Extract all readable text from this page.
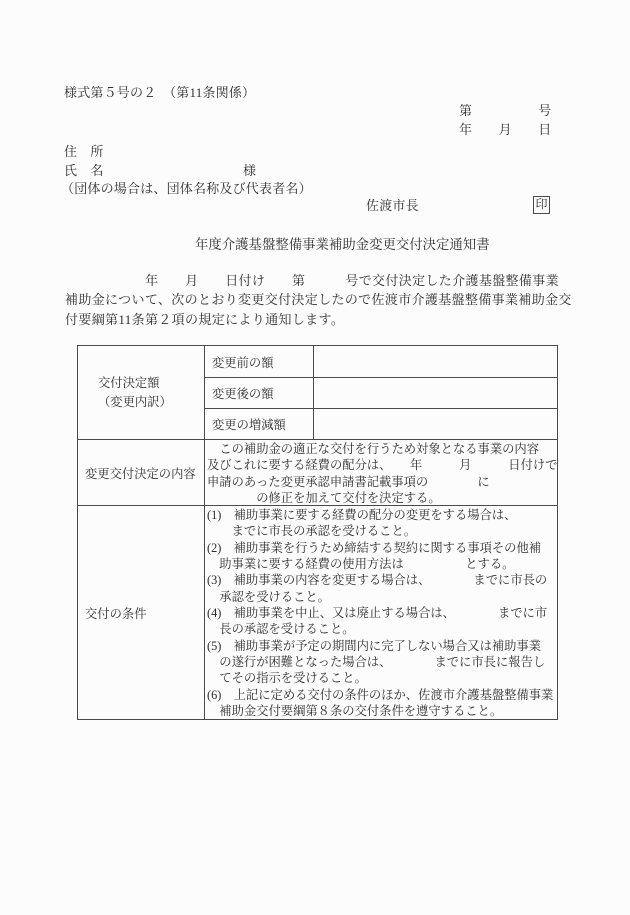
様式第５号の２　（第11条関係）
第　　　　　号
年　　月　　日
住　所
氏　名	様
（団体の場合は、団体名称及び代表者名）
佐渡市長	印
年度介護基盤整備事業補助金変更交付決定通知書
　　　　　　年　　月　　日付け　　第　　　号で交付決定した介護基盤整備事業
補助金について、次のとおり変更交付決定したので佐渡市介護基盤整備事業補助金交
付要綱第11条第２項の規定により通知します。
交付決定額
（変更内訳）
変更前の額
変更後の額
変更の増減額
変更交付決定の内容
　この補助金の適正な交付を行うため対象となる事業の内容
及びこれに要する経費の配分は、　　年　　　月　　　日付けで
申請のあった変更承認申請書記載事項の　　　　に
　　　　の修正を加えて交付を決定する。
交付の条件
(1)　補助事業に要する経費の配分の変更をする場合は、
　　までに市長の承認を受けること。
(2)　補助事業を行うため締結する契約に関する事項その他補
　助事業に要する経費の使用方法は　　　　　とする。
(3)　補助事業の内容を変更する場合は、　　　　までに市長の
　承認を受けること。
(4)　補助事業を中止、又は廃止する場合は、　　　　までに市
　長の承認を受けること。
(5)　補助事業が予定の期間内に完了しない場合又は補助事業
　の遂行が困難となった場合は、　　　　までに市長に報告し
　てその指示を受けること。
(6)　上記に定める交付の条件のほか、佐渡市介護基盤整備事業
　補助金交付要綱第８条の交付条件を遵守すること。
